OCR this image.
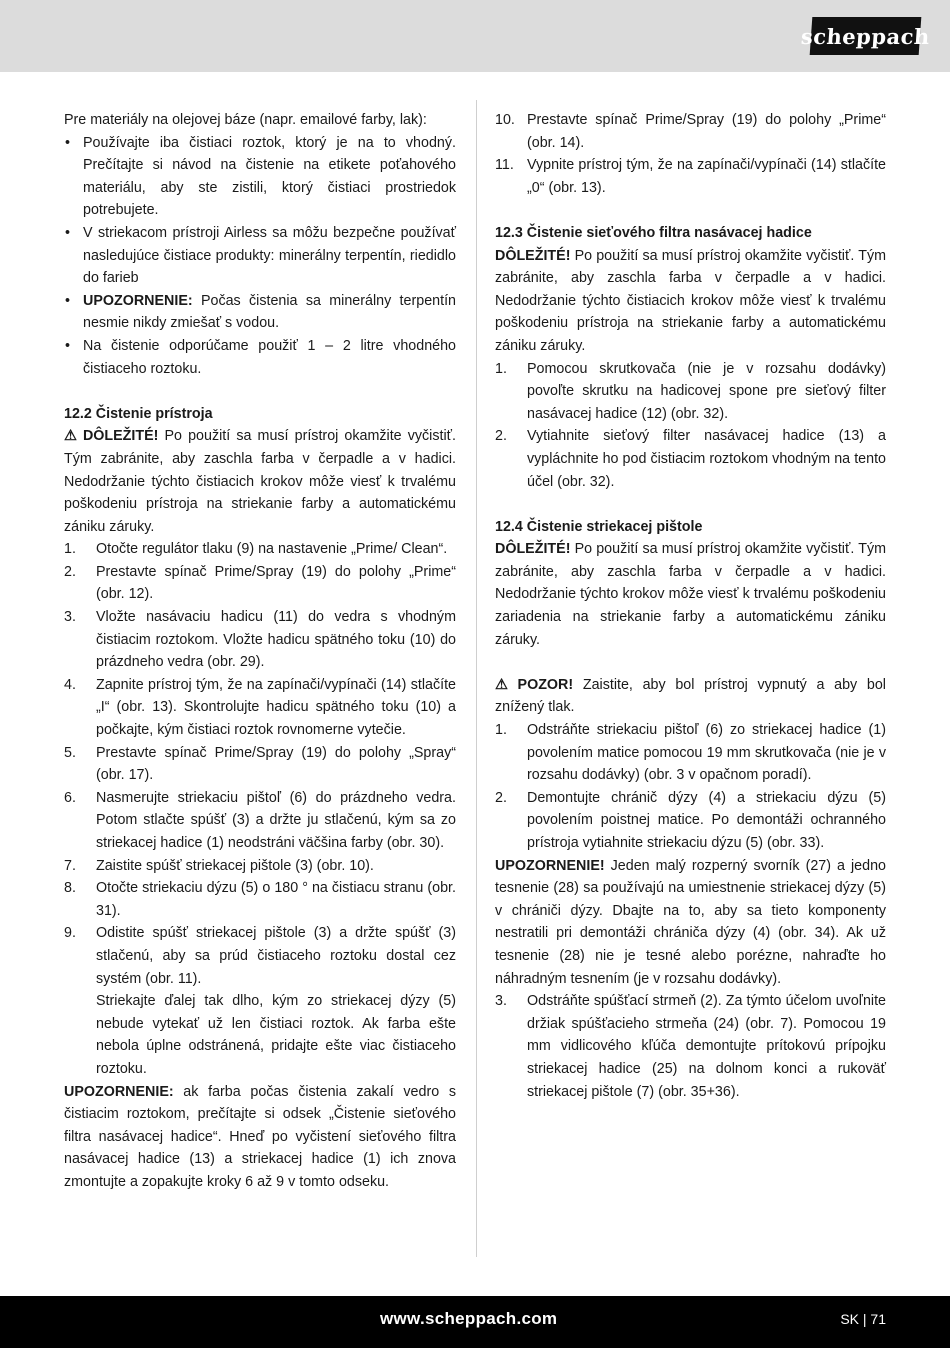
scheppach

Pre materiály na olejovej báze (napr. emailové farby, lak):

• Používajte iba čistiaci roztok, ktorý je na to vhodný. Prečítajte si návod na čistenie na etikete poťahového materiálu, aby ste zistili, ktorý čistiaci prostriedok potrebujete.
• V striekacom prístroji Airless sa môžu bezpečne používať nasledujúce čistiace produkty: minerálny terpentín, riedidlo do farieb
• UPOZORNENIE: Počas čistenia sa minerálny terpentín nesmie nikdy zmiešať s vodou.
• Na čistenie odporúčame použiť 1 – 2 litre vhodného čistiaceho roztoku.

12.2 Čistenie prístroja

⚠ DÔLEŽITÉ! Po použití sa musí prístroj okamžite vyčistiť. Tým zabránite, aby zaschla farba v čerpadle a v hadici. Nedodržanie týchto čistiacich krokov môže viesť k trvalému poškodeniu prístroja na striekanie farby a automatickému zániku záruky.

1. Otočte regulátor tlaku (9) na nastavenie „Prime/ Clean“.
2. Prestavte spínač Prime/Spray (19) do polohy „Prime“ (obr. 12).
3. Vložte nasávaciu hadicu (11) do vedra s vhodným čistiacim roztokom. Vložte hadicu spätného toku (10) do prázdneho vedra (obr. 29).
4. Zapnite prístroj tým, že na zapínači/vypínači (14) stlačíte „I“ (obr. 13). Skontrolujte hadicu spätného toku (10) a počkajte, kým čistiaci roztok rovnomerne vytečie.
5. Prestavte spínač Prime/Spray (19) do polohy „Spray“ (obr. 17).
6. Nasmerujte striekaciu pištoľ (6) do prázdneho vedra. Potom stlačte spúšť (3) a držte ju stlačenú, kým sa zo striekacej hadice (1) neodstráni väčšina farby (obr. 30).
7. Zaistite spúšť striekacej pištole (3) (obr. 10).
8. Otočte striekaciu dýzu (5) o 180 ° na čistiacu stranu (obr. 31).
9. Odistite spúšť striekacej pištole (3) a držte spúšť (3) stlačenú, aby sa prúd čistiaceho roztoku dostal cez systém (obr. 11).
Striekajte ďalej tak dlho, kým zo striekacej dýzy (5) nebude vytekať už len čistiaci roztok. Ak farba ešte nebola úplne odstránená, pridajte ešte viac čistiaceho roztoku.

UPOZORNENIE: ak farba počas čistenia zakalí vedro s čistiacim roztokom, prečítajte si odsek „Čistenie sieťového filtra nasávacej hadice“. Hneď po vyčistení sieťového filtra nasávacej hadice (13) a striekacej hadice (1) ich znova zmontujte a zopakujte kroky 6 až 9 v tomto odseku.

10. Prestavte spínač Prime/Spray (19) do polohy „Prime“ (obr. 14).
11. Vypnite prístroj tým, že na zapínači/vypínači (14) stlačíte „0“ (obr. 13).

12.3 Čistenie sieťového filtra nasávacej hadice

DÔLEŽITÉ! Po použití sa musí prístroj okamžite vyčistiť. Tým zabránite, aby zaschla farba v čerpadle a v hadici. Nedodržanie týchto čistiacich krokov môže viesť k trvalému poškodeniu prístroja na striekanie farby a automatickému zániku záruky.

1. Pomocou skrutkovača (nie je v rozsahu dodávky) povoľte skrutku na hadicovej spone pre sieťový filter nasávacej hadice (12) (obr. 32).
2. Vytiahnite sieťový filter nasávacej hadice (13) a vypláchnite ho pod čistiacim roztokom vhodným na tento účel (obr. 32).

12.4 Čistenie striekacej pištole

DÔLEŽITÉ! Po použití sa musí prístroj okamžite vyčistiť. Tým zabránite, aby zaschla farba v čerpadle a v hadici. Nedodržanie týchto krokov môže viesť k trvalému poškodeniu zariadenia na striekanie farby a automatickému zániku záruky.

⚠ POZOR! Zaistite, aby bol prístroj vypnutý a aby bol znížený tlak.

1. Odstráňte striekaciu pištoľ (6) zo striekacej hadice (1) povolením matice pomocou 19 mm skrutkovača (nie je v rozsahu dodávky) (obr. 3 v opačnom poradí).
2. Demontujte chránič dýzy (4) a striekaciu dýzu (5) povolením poistnej matice. Po demontáži ochranného prístroja vytiahnite striekaciu dýzu (5) (obr. 33).

UPOZORNENIE! Jeden malý rozperný svorník (27) a jedno tesnenie (28) sa používajú na umiestnenie striekacej dýzy (5) v chrániči dýzy. Dbajte na to, aby sa tieto komponenty nestratili pri demontáži chrániča dýzy (4) (obr. 34). Ak už tesnenie (28) nie je tesné alebo porézne, nahraďte ho náhradným tesnením (je v rozsahu dodávky).

3. Odstráňte spúšťací strmeň (2). Za týmto účelom uvoľnite držiak spúšťacieho strmeňa (24) (obr. 7). Pomocou 19 mm vidlicového kľúča demontujte prítokovú prípojku striekacej hadice (25) na dolnom konci a rukoväť striekacej pištole (7) (obr. 35+36).
www.scheppach.com	SK | 71
